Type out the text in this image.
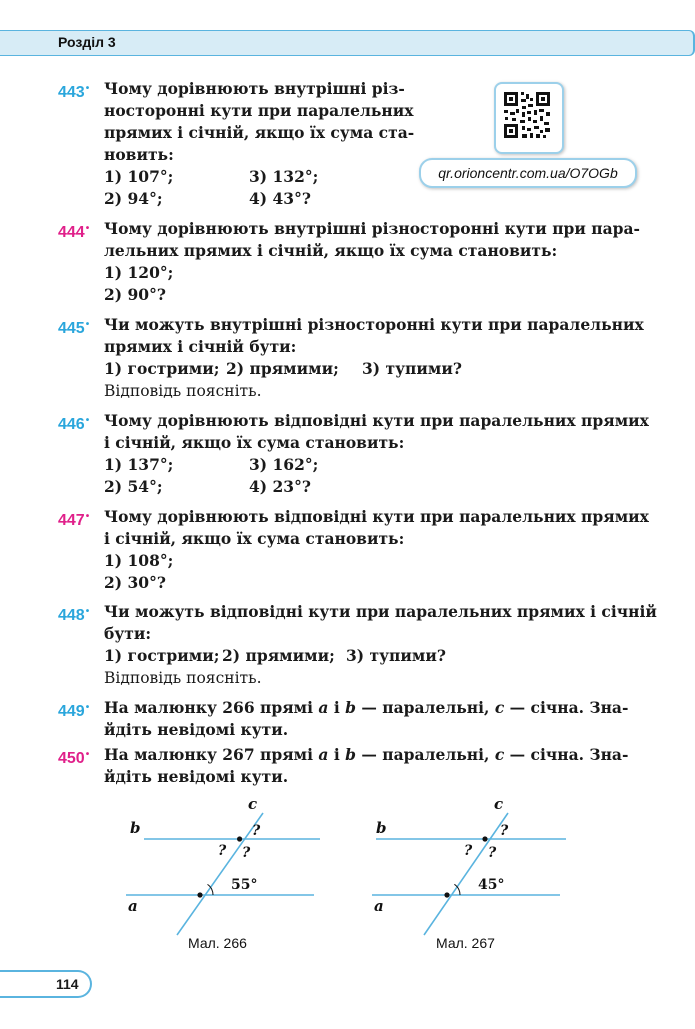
Розділ 3
qr.orioncentr.com.ua/O7OGb
443• Чому дорівнюють внутрішні різ-
носторонні кути при паралельних
прямих і січній, якщо їх сума ста-
новить:
1) 107°;	3) 132°;
2) 94°;	4) 43°?
444• Чому дорівнюють внутрішні різносторонні кути при пара-
лельних прямих і січній, якщо їх сума становить:
1) 120°;
2) 90°?
445• Чи можуть внутрішні різносторонні кути при паралельних
прямих і січній бути:
1) гострими; 2) прямими; 3) тупими?
Відповідь поясніть.
446• Чому дорівнюють відповідні кути при паралельних прямих
і січній, якщо їх сума становить:
1) 137°;	3) 162°;
2) 54°;	4) 23°?
447• Чому дорівнюють відповідні кути при паралельних прямих
і січній, якщо їх сума становить:
1) 108°;
2) 30°?
448• Чи можуть відповідні кути при паралельних прямих і січній
бути:
1) гострими; 2) прямими; 3) тупими?
Відповідь поясніть.
449• На малюнку 266 прямі a і b — паралельні, c — січна. Зна-
йдіть невідомі кути.
450• На малюнку 267 прямі a і b — паралельні, c — січна. Зна-
йдіть невідомі кути.
b
a
c
?
? ?
55°
Мал. 266
b
a
c
?
? ?
45°
Мал. 267
114
